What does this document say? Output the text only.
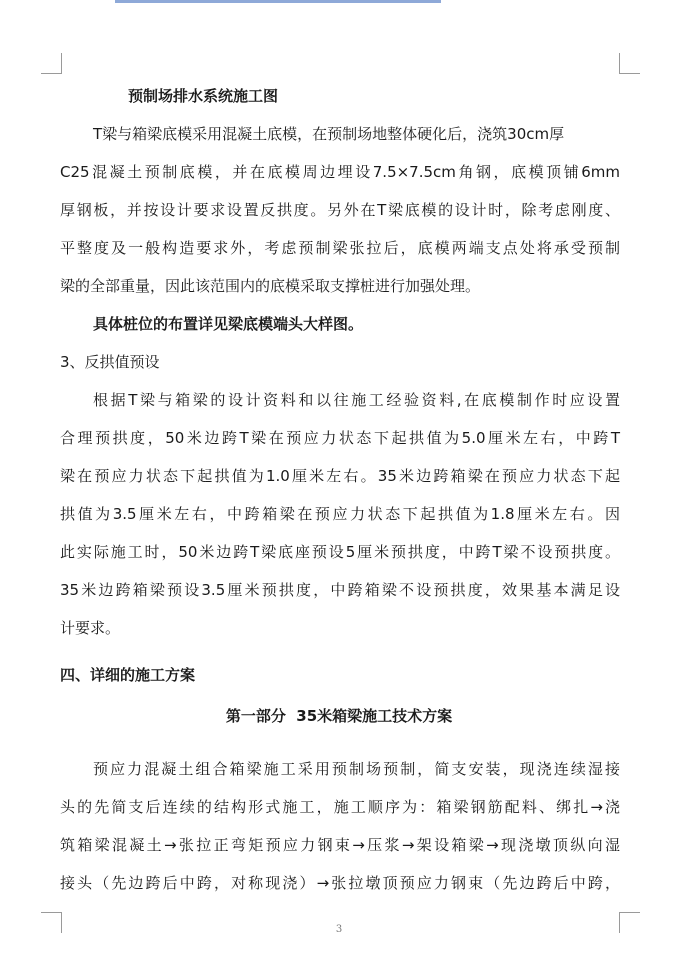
预制场排水系统施工图
T梁与箱梁底模采用混凝土底模，在预制场地整体硬化后，浇筑30cm厚
C25混凝土预制底模，并在底模周边埋设7.5×7.5cm角钢，底模顶铺6mm
厚钢板，并按设计要求设置反拱度。另外在T梁底模的设计时，除考虑刚度、
平整度及一般构造要求外，考虑预制梁张拉后，底模两端支点处将承受预制
梁的全部重量，因此该范围内的底模采取支撑桩进行加强处理。
具体桩位的布置详见梁底模端头大样图。
3、反拱值预设
根据T梁与箱梁的设计资料和以往施工经验资料,在底模制作时应设置
合理预拱度，50米边跨T梁在预应力状态下起拱值为5.0厘米左右，中跨T
梁在预应力状态下起拱值为1.0厘米左右。35米边跨箱梁在预应力状态下起
拱值为3.5厘米左右，中跨箱梁在预应力状态下起拱值为1.8厘米左右。因
此实际施工时，50米边跨T梁底座预设5厘米预拱度，中跨T梁不设预拱度。
35米边跨箱梁预设3.5厘米预拱度，中跨箱梁不设预拱度，效果基本满足设
计要求。
四、详细的施工方案
第一部分  35米箱梁施工技术方案
预应力混凝土组合箱梁施工采用预制场预制，简支安装，现浇连续湿接
头的先简支后连续的结构形式施工，施工顺序为：箱梁钢筋配料、绑扎→浇
筑箱梁混凝土→张拉正弯矩预应力钢束→压浆→架设箱梁→现浇墩顶纵向湿
接头（先边跨后中跨，对称现浇）→张拉墩顶预应力钢束（先边跨后中跨，
3
